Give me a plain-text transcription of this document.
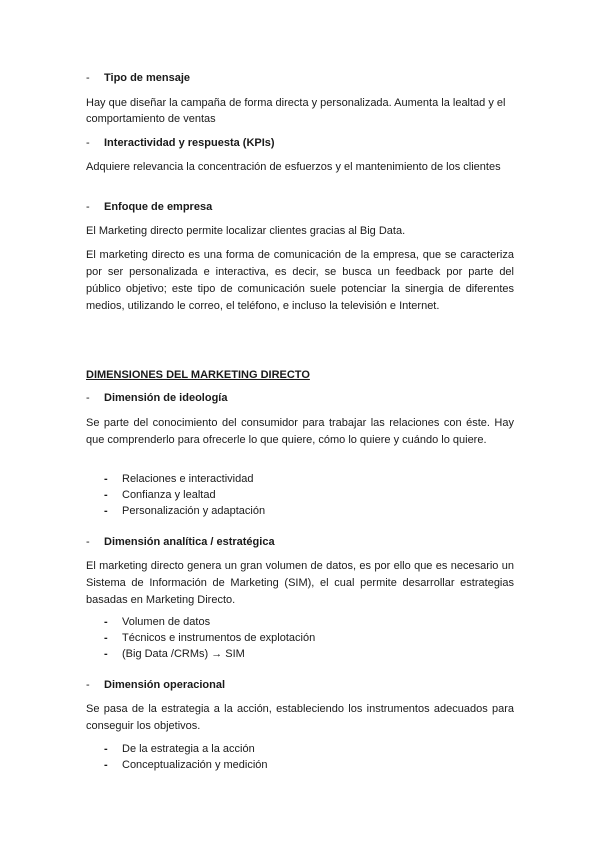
- Tipo de mensaje
Hay que diseñar la campaña de forma directa y personalizada. Aumenta la lealtad y el comportamiento de ventas
- Interactividad y respuesta (KPIs)
Adquiere relevancia la concentración de esfuerzos y el mantenimiento de los clientes
- Enfoque de empresa
El Marketing directo permite localizar clientes gracias al Big Data.
El marketing directo es una forma de comunicación de la empresa, que se caracteriza por ser personalizada e interactiva, es decir, se busca un feedback por parte del público objetivo; este tipo de comunicación suele potenciar la sinergia de diferentes medios, utilizando le correo, el teléfono, e incluso la televisión e Internet.
DIMENSIONES DEL MARKETING DIRECTO
- Dimensión de ideología
Se parte del conocimiento del consumidor para trabajar las relaciones con éste. Hay que comprenderlo para ofrecerle lo que quiere, cómo lo quiere y cuándo lo quiere.
- Relaciones e interactividad
- Confianza y lealtad
- Personalización y adaptación
- Dimensión analítica / estratégica
El marketing directo genera un gran volumen de datos, es por ello que es necesario un Sistema de Información de Marketing (SIM), el cual permite desarrollar estrategias basadas en Marketing Directo.
- Volumen de datos
- Técnicos e instrumentos de explotación
- (Big Data /CRMs) → SIM
- Dimensión operacional
Se pasa de la estrategia a la acción, estableciendo los instrumentos adecuados para conseguir los objetivos.
- De la estrategia a la acción
- Conceptualización y medición
